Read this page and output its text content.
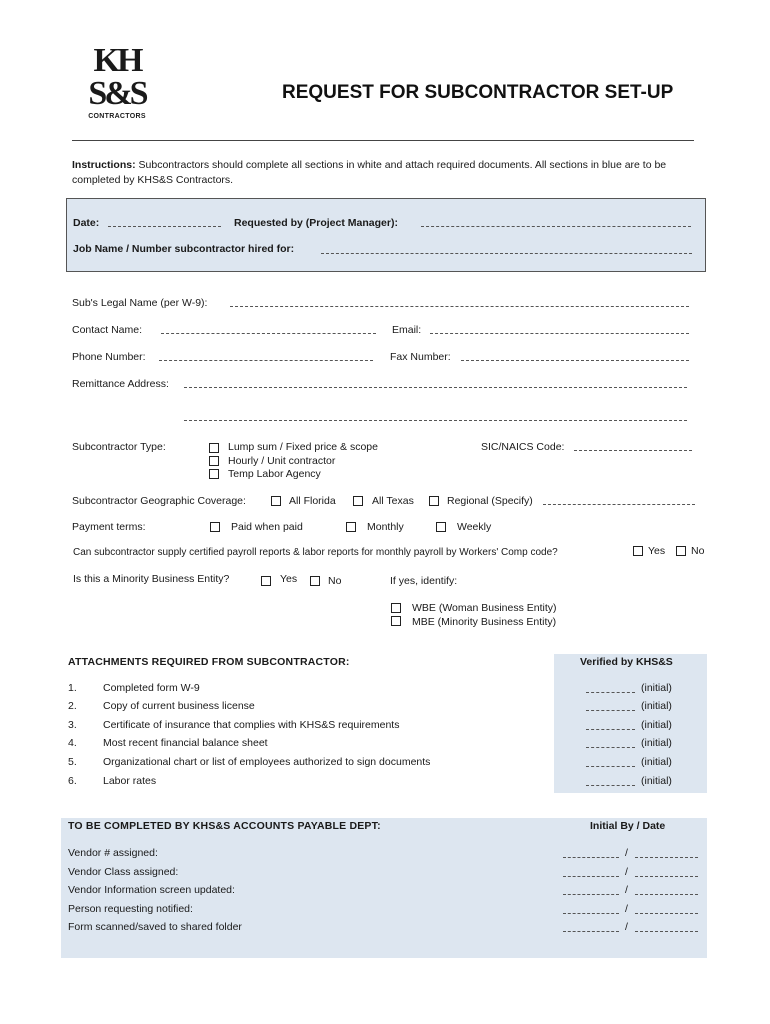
KH
S&S
CONTRACTORS
REQUEST FOR SUBCONTRACTOR SET-UP
Instructions: Subcontractors should complete all sections in white and attach required documents. All sections in blue are to be completed by KHS&S Contractors.
Date:	Requested by (Project Manager):
Job Name / Number subcontractor hired for:
Sub's Legal Name (per W-9):
Contact Name:	Email:
Phone Number:	Fax Number:
Remittance Address:
Subcontractor Type:	Lump sum / Fixed price & scope
Hourly / Unit contractor
Temp Labor Agency
SIC/NAICS Code:
Subcontractor Geographic Coverage:	All Florida	All Texas	Regional (Specify)
Payment terms:	Paid when paid	Monthly	Weekly
Can subcontractor supply certified payroll reports & labor reports for monthly payroll by Workers' Comp code?	Yes No
Is this a Minority Business Entity?	Yes	No	If yes, identify:
WBE (Woman Business Entity)
MBE (Minority Business Entity)
ATTACHMENTS REQUIRED FROM SUBCONTRACTOR:	Verified by KHS&S
1. Completed form W-9	(initial)
2. Copy of current business license	(initial)
3. Certificate of insurance that complies with KHS&S requirements	(initial)
4. Most recent financial balance sheet	(initial)
5. Organizational chart or list of employees authorized to sign documents	(initial)
6. Labor rates	(initial)
TO BE COMPLETED BY KHS&S ACCOUNTS PAYABLE DEPT:	Initial By / Date
Vendor # assigned:	/
Vendor Class assigned:	/
Vendor Information screen updated:	/
Person requesting notified:	/
Form scanned/saved to shared folder	/
